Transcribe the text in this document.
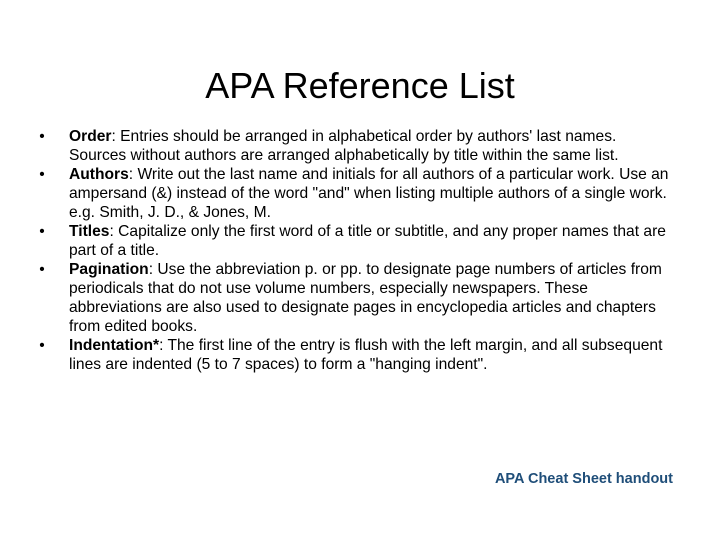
APA Reference List
• Order: Entries should be arranged in alphabetical order by authors' last names. Sources without authors are arranged alphabetically by title within the same list.
• Authors: Write out the last name and initials for all authors of a particular work. Use an ampersand (&) instead of the word "and" when listing multiple authors of a single work. e.g. Smith, J. D., & Jones, M.
• Titles: Capitalize only the first word of a title or subtitle, and any proper names that are part of a title.
• Pagination: Use the abbreviation p. or pp. to designate page numbers of articles from periodicals that do not use volume numbers, especially newspapers. These abbreviations are also used to designate pages in encyclopedia articles and chapters from edited books.
• Indentation*: The first line of the entry is flush with the left margin, and all subsequent lines are indented (5 to 7 spaces) to form a "hanging indent".
APA Cheat Sheet handout
